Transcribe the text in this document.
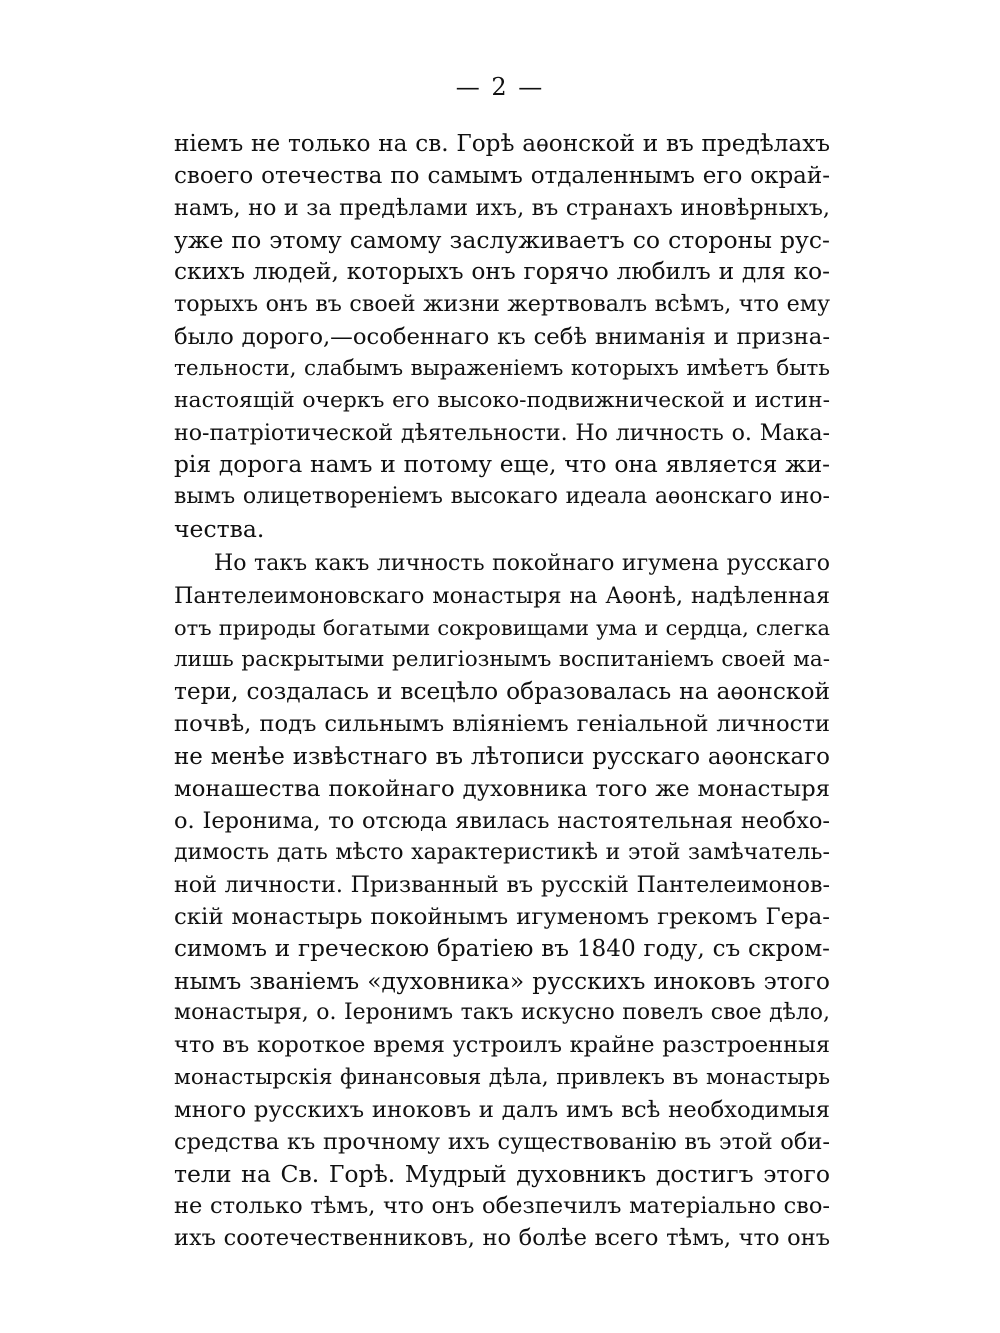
— 2 —
ніемъ не только на св. Горѣ аѳонской и въ предѣлахъ
своего отечества по самымъ отдаленнымъ его окрай-
намъ, но и за предѣлами ихъ, въ странахъ иновѣрныхъ,
уже по этому самому заслуживаетъ со стороны рус-
скихъ людей, которыхъ онъ горячо любилъ и для ко-
торыхъ онъ въ своей жизни жертвовалъ всѣмъ, что ему
было дорого,—особеннаго къ себѣ вниманія и призна-
тельности, слабымъ выраженіемъ которыхъ имѣетъ быть
настоящій очеркъ его высоко-подвижнической и истин-
но-патріотической дѣятельности. Но личность о. Мака-
рія дорога намъ и потому еще, что она является жи-
вымъ олицетвореніемъ высокаго идеала аѳонскаго ино-
чества.
Но такъ какъ личность покойнаго игумена русскаго
Пантелеимоновскаго монастыря на Аѳонѣ, надѣленная
отъ природы богатыми сокровищами ума и сердца, слегка
лишь раскрытыми религіознымъ воспитаніемъ своей ма-
тери, создалась и всецѣло образовалась на аѳонской
почвѣ, подъ сильнымъ вліяніемъ геніальной личности
не менѣе извѣстнаго въ лѣтописи русскаго аѳонскаго
монашества покойнаго духовника того же монастыря
о. Іеронима, то отсюда явилась настоятельная необхо-
димость дать мѣсто характеристикѣ и этой замѣчатель-
ной личности. Призванный въ русскій Пантелеимонов-
скій монастырь покойнымъ игуменомъ грекомъ Гера-
симомъ и греческою братіею въ 1840 году, съ скром-
нымъ званіемъ «духовника» русскихъ иноковъ этого
монастыря, о. Іеронимъ такъ искусно повелъ свое дѣло,
что въ короткое время устроилъ крайне разстроенныя
монастырскія финансовыя дѣла, привлекъ въ монастырь
много русскихъ иноковъ и далъ имъ всѣ необходимыя
средства къ прочному ихъ существованію въ этой оби-
тели на Св. Горѣ. Мудрый духовникъ достигъ этого
не столько тѣмъ, что онъ обезпечилъ матеріально сво-
ихъ соотечественниковъ, но болѣе всего тѣмъ, что онъ
